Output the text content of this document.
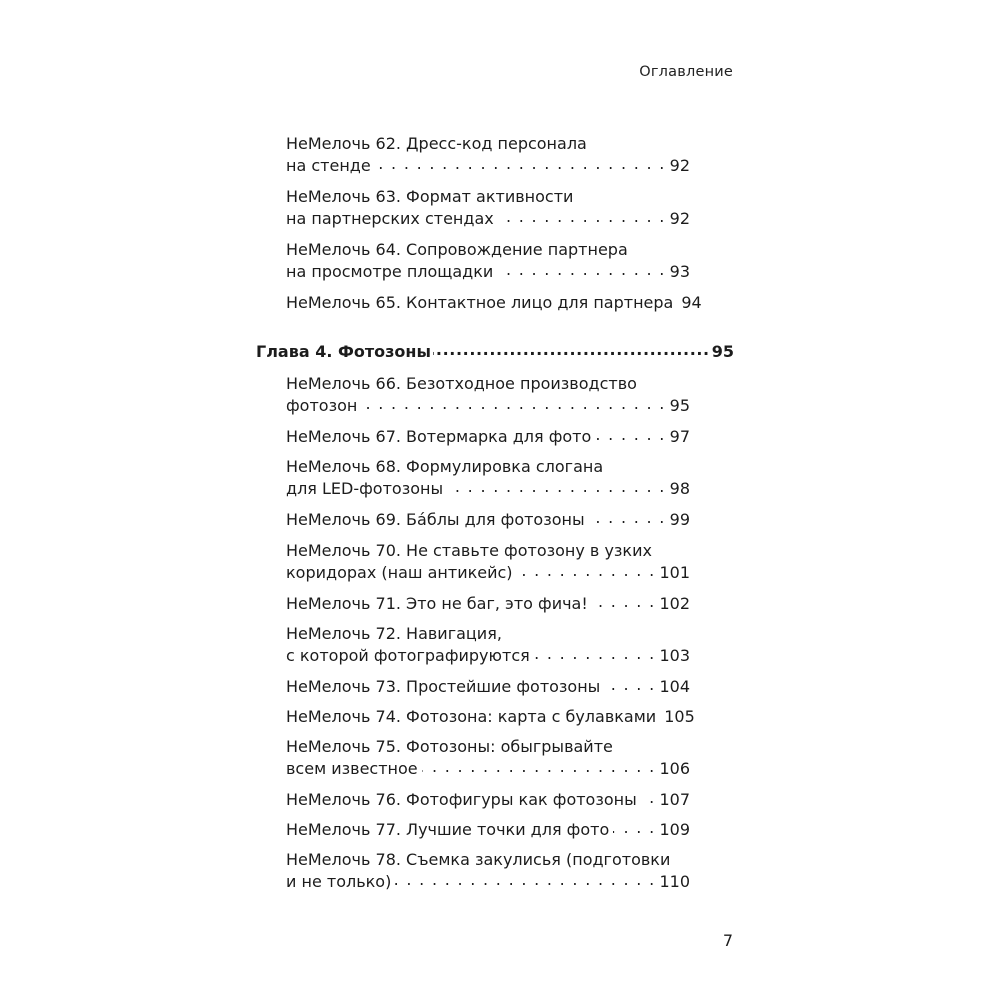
Оглавление
НеМелочь 62. Дресс-код персонала
на стенде . . .	92
НеМелочь 63. Формат активности
на партнерских стендах . . .	92
НеМелочь 64. Сопровождение партнера
на просмотре площадки . . .	93
НеМелочь 65. Контактное лицо для партнера 94
Глава 4. Фотозоны .....	95
НеМелочь 66. Безотходное производство
фотозон . . .	95
НеМелочь 67. Вотермарка для фото . . .	97
НеМелочь 68. Формулировка слогана
для LED-фотозоны . . .	98
НеМелочь 69. Бáблы для фотозоны . . .	99
НеМелочь 70. Не ставьте фотозону в узких
коридорах (наш антикейс) . . .	101
НеМелочь 71. Это не баг, это фича! . . .	102
НеМелочь 72. Навигация,
с которой фотографируются . . .	103
НеМелочь 73. Простейшие фотозоны . . .	104
НеМелочь 74. Фотозона: карта с булавками 105
НеМелочь 75. Фотозоны: обыгрывайте
всем известное . . .	106
НеМелочь 76. Фотофигуры как фотозоны . . . 107
НеМелочь 77. Лучшие точки для фото . . .	109
НеМелочь 78. Съемка закулисья (подготовки
и не только) . . .	110
7
